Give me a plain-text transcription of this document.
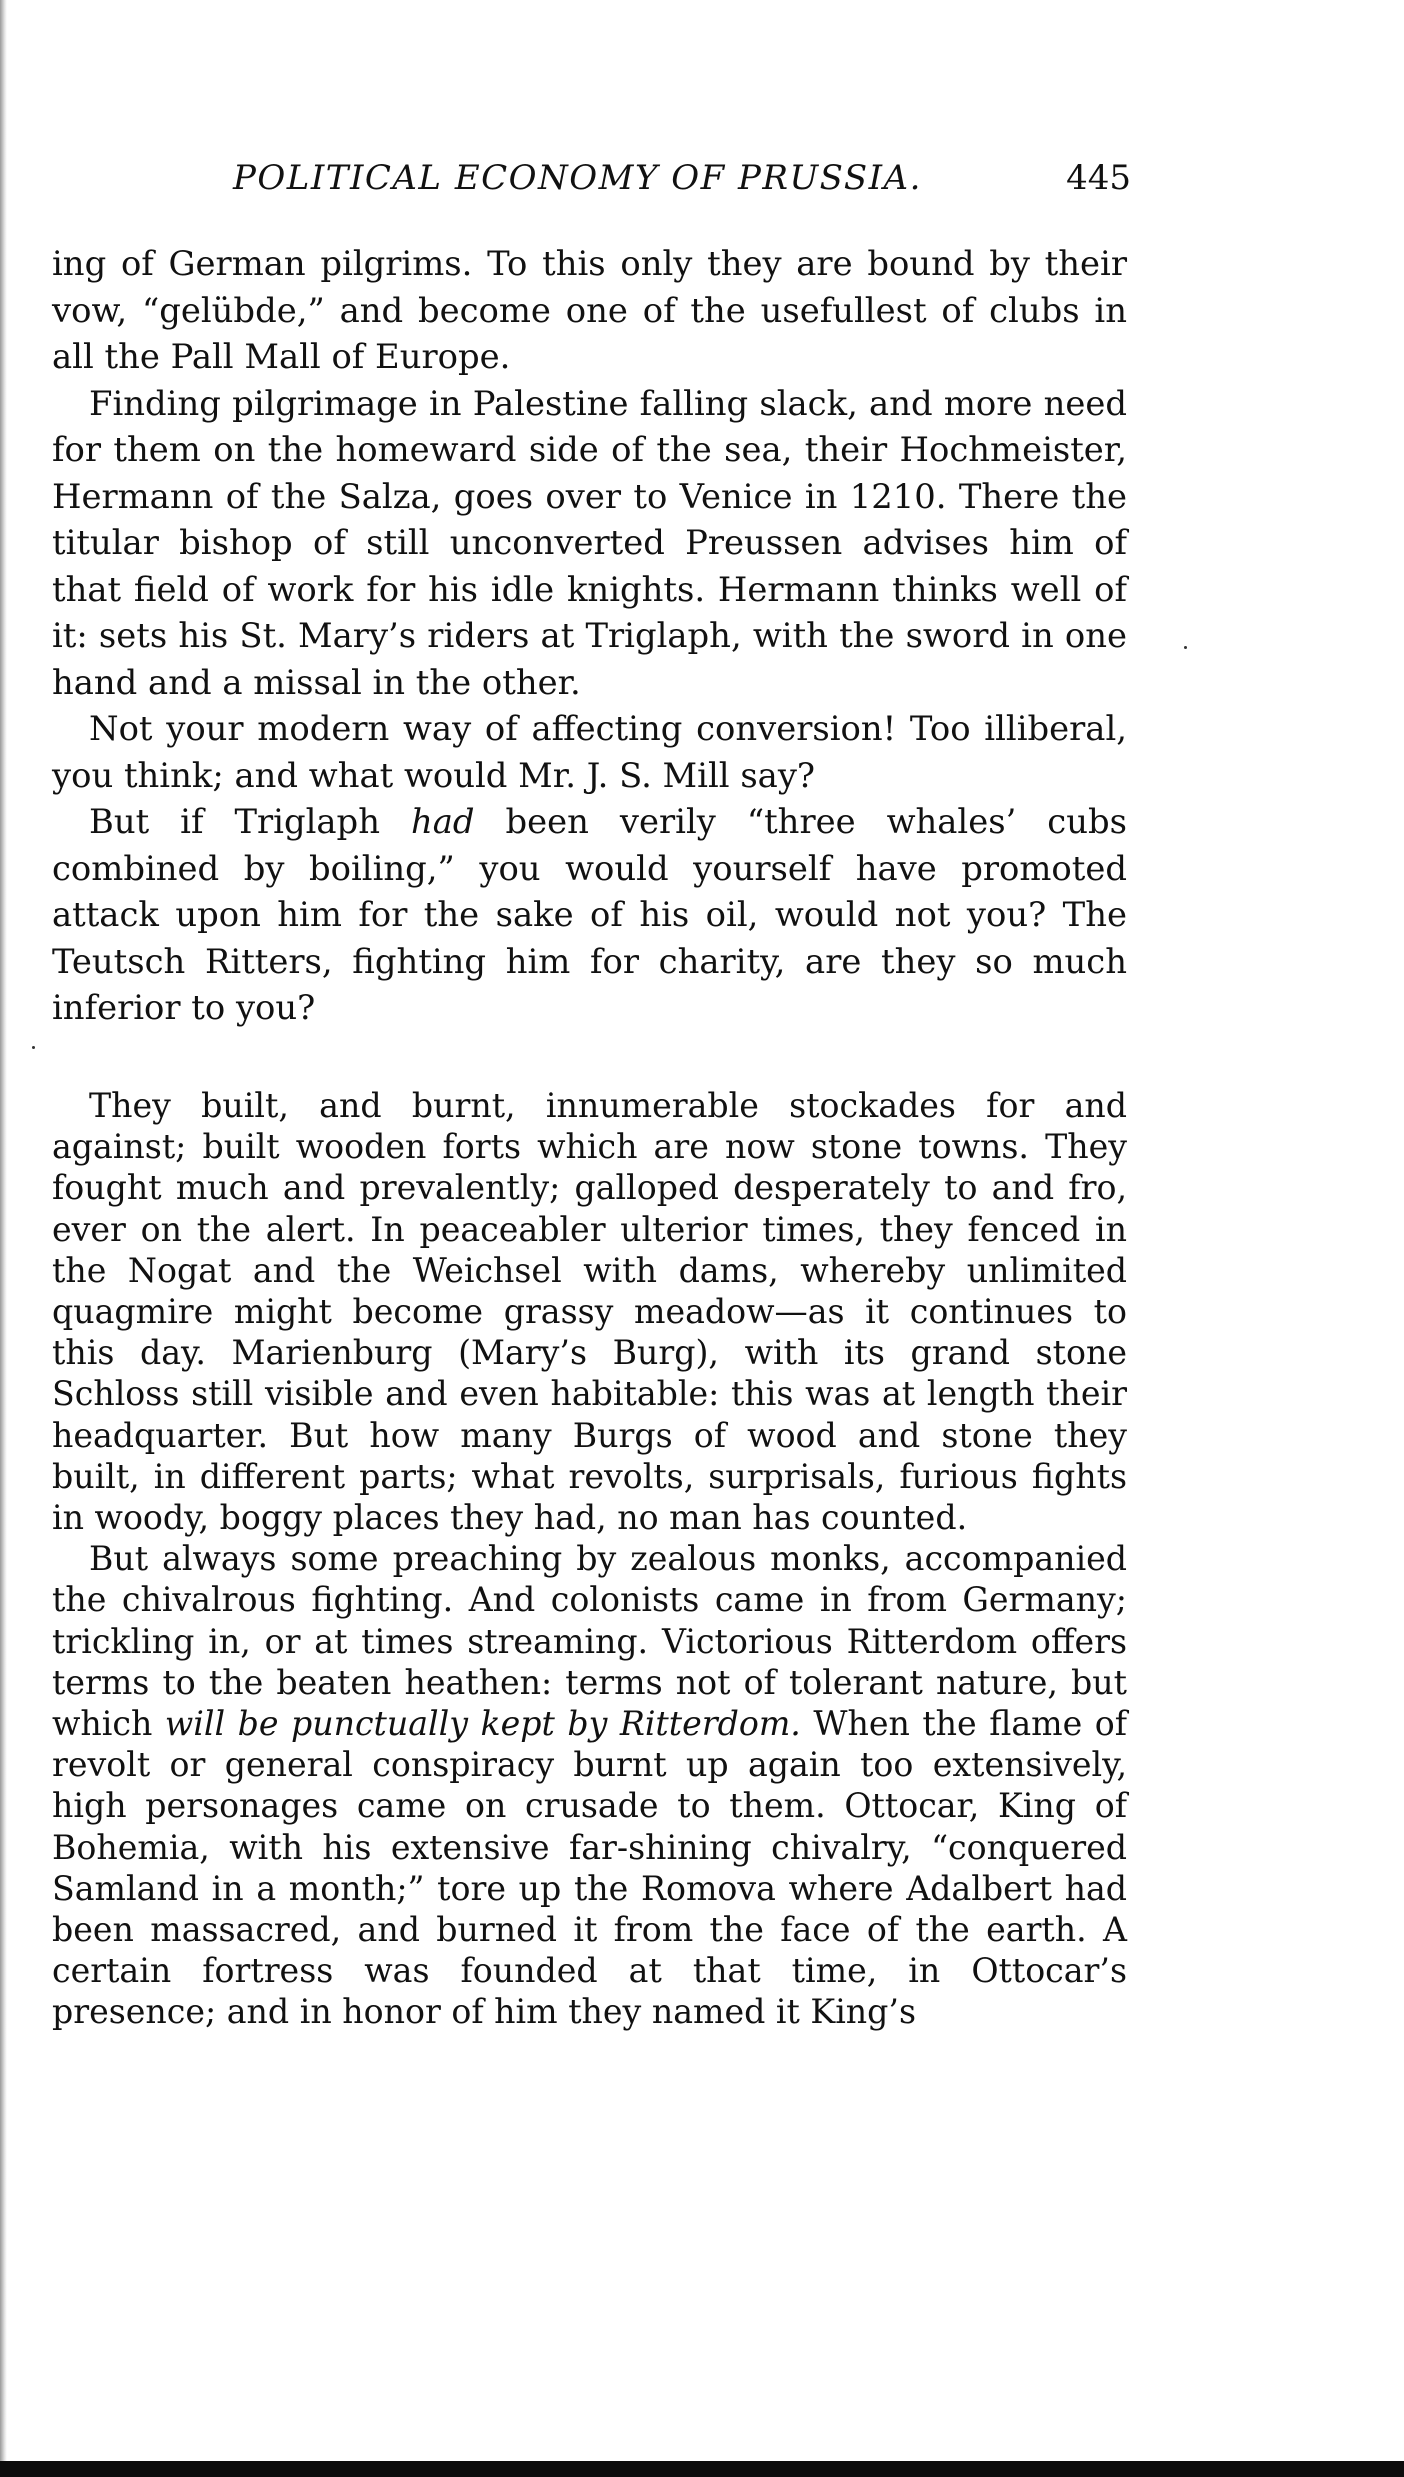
POLITICAL ECONOMY OF PRUSSIA.	445

ing of German pilgrims. To this only they are bound by their vow, “gelübde,” and become one of the usefullest of clubs in all the Pall Mall of Europe.

Finding pilgrimage in Palestine falling slack, and more need for them on the homeward side of the sea, their Hochmeister, Hermann of the Salza, goes over to Venice in 1210. There the titular bishop of still unconverted Preussen advises him of that field of work for his idle knights. Hermann thinks well of it: sets his St. Mary’s riders at Triglaph, with the sword in one hand and a missal in the other.

Not your modern way of affecting conversion! Too illiberal, you think; and what would Mr. J. S. Mill say?

But if Triglaph had been verily “three whales’ cubs combined by boiling,” you would yourself have promoted attack upon him for the sake of his oil, would not you? The Teutsch Ritters, fighting him for charity, are they so much inferior to you?

They built, and burnt, innumerable stockades for and against; built wooden forts which are now stone towns. They fought much and prevalently; galloped desperately to and fro, ever on the alert. In peaceabler ulterior times, they fenced in the Nogat and the Weichsel with dams, whereby unlimited quagmire might become grassy meadow—as it continues to this day. Marienburg (Mary’s Burg), with its grand stone Schloss still visible and even habitable: this was at length their headquarter. But how many Burgs of wood and stone they built, in different parts; what revolts, surprisals, furious fights in woody, boggy places they had, no man has counted.

But always some preaching by zealous monks, accompanied the chivalrous fighting. And colonists came in from Germany; trickling in, or at times streaming. Victorious Ritterdom offers terms to the beaten heathen: terms not of tolerant nature, but which will be punctually kept by Ritterdom. When the flame of revolt or general conspiracy burnt up again too extensively, high personages came on crusade to them. Ottocar, King of Bohemia, with his extensive far-shining chivalry, “conquered Samland in a month;” tore up the Romova where Adalbert had been massacred, and burned it from the face of the earth. A certain fortress was founded at that time, in Ottocar’s presence; and in honor of him they named it King’s
